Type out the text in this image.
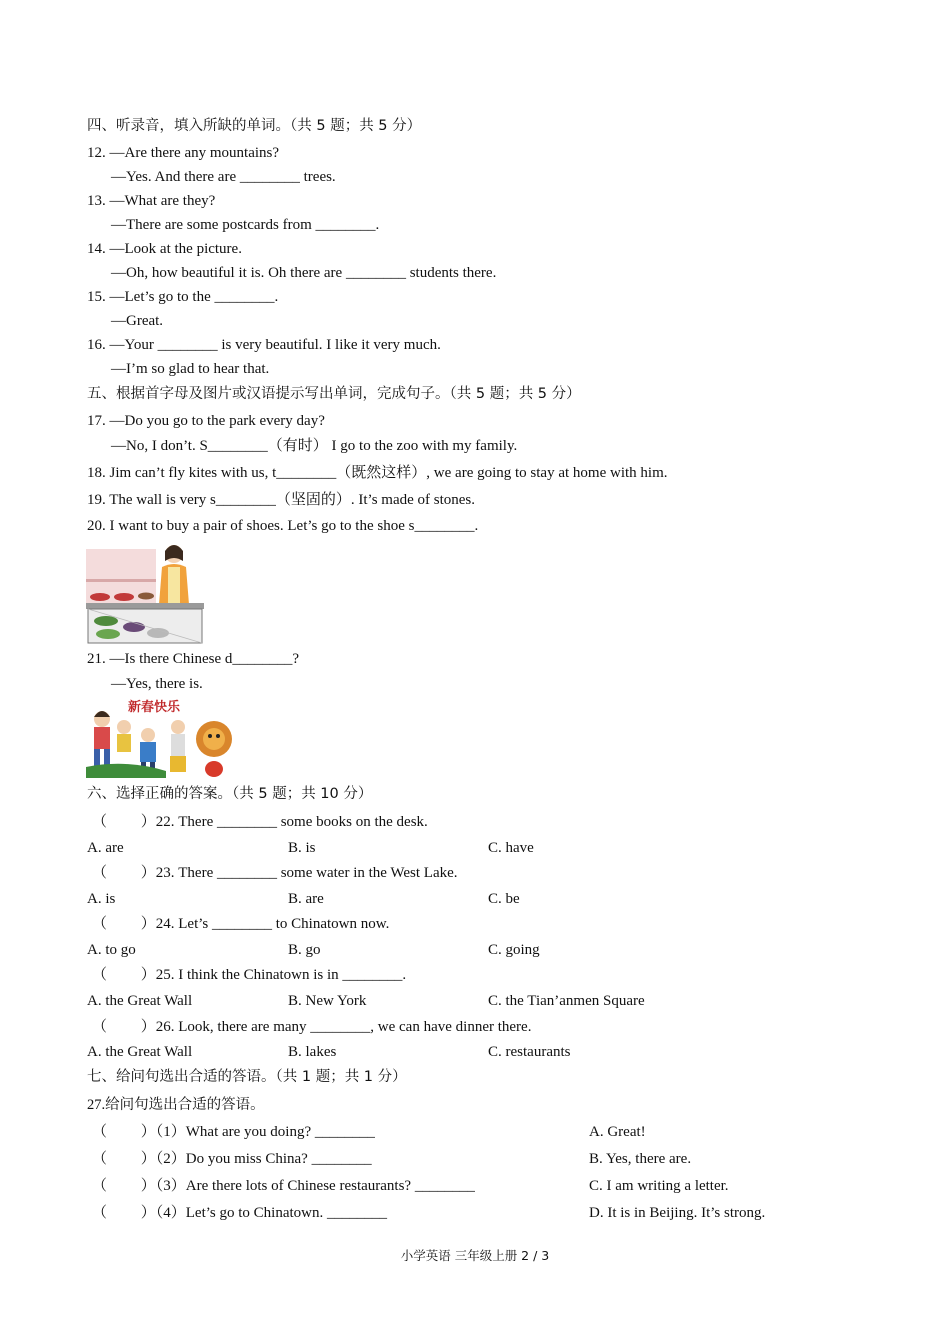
四、听录音，填入所缺的单词。（共 5 题；共 5 分）
12. —Are there any mountains?
—Yes. And there are ________ trees.
13. —What are they?
—There are some postcards from ________.
14. —Look at the picture.
—Oh, how beautiful it is. Oh there are ________ students there.
15. —Let’s go to the ________.
—Great.
16. —Your ________ is very beautiful. I like it very much.
—I’m so glad to hear that.
五、根据首字母及图片或汉语提示写出单词，完成句子。（共 5 题；共 5 分）
17. —Do you go to the park every day?
—No, I don’t. S________（有时） I go to the zoo with my family.
18. Jim can’t fly kites with us, t________（既然这样）, we are going to stay at home with him.
19. The wall is very s________（坚固的）. It’s made of stones.
20. I want to buy a pair of shoes. Let’s go to the shoe s________.
21. —Is there Chinese d________?
—Yes, there is.
新春快乐
六、选择正确的答案。（共 5 题；共 10 分）
（ 　　）22. There ________ some books on the desk.
A. are	B. is	C. have
（ 　　）23. There ________ some water in the West Lake.
A. is	B. are	C. be
（ 　　）24. Let’s ________ to Chinatown now.
A. to go	B. go	C. going
（ 　　）25. I think the Chinatown is in ________.
A. the Great Wall	B. New York	C. the Tian’anmen Square
（ 　　）26. Look, there are many ________, we can have dinner there.
A. the Great Wall	B. lakes	C. restaurants
七、给问句选出合适的答语。（共 1 题；共 1 分）
27.给问句选出合适的答语。
（ 　　）（1）What are you doing? ________	A. Great!
（ 　　）（2）Do you miss China? ________	B. Yes, there are.
（ 　　）（3）Are there lots of Chinese restaurants? ________	C. I am writing a letter.
（ 　　）（4）Let’s go to Chinatown. ________	D. It is in Beijing. It’s strong.
小学英语 三年级上册 2 / 3
